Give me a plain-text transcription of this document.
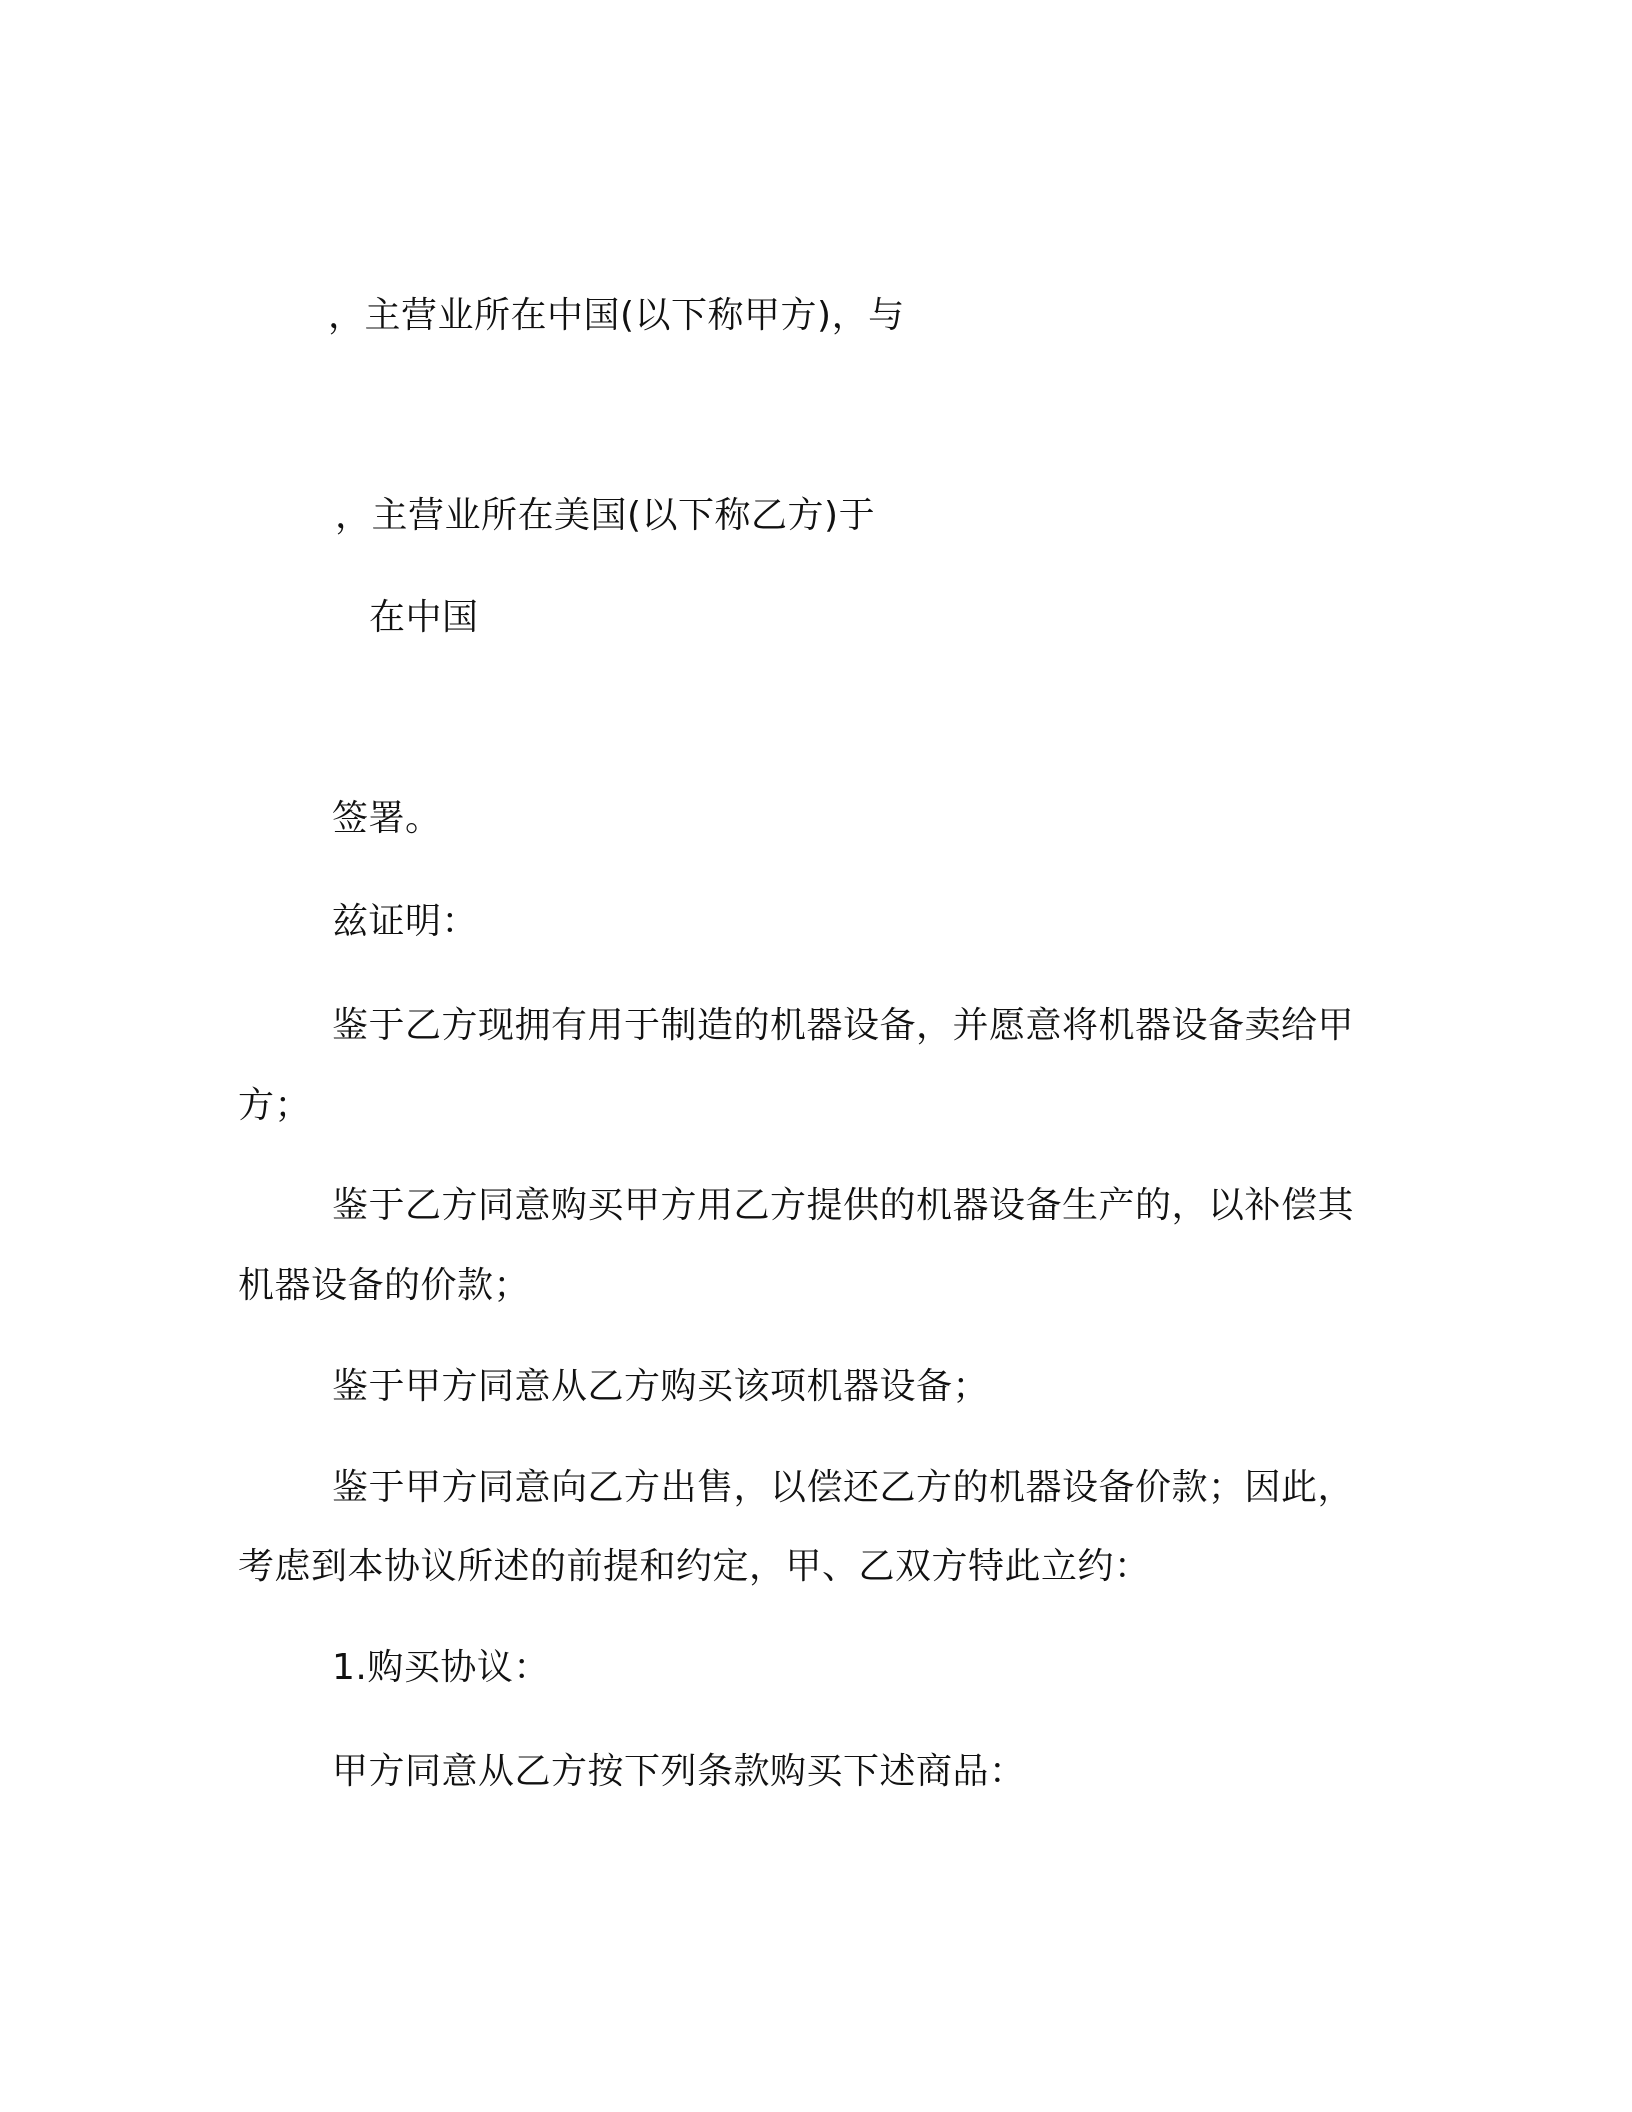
，主营业所在中国(以下称甲方)，与
，主营业所在美国(以下称乙方)于
在中国
签署。
兹证明：
鉴于乙方现拥有用于制造的机器设备，并愿意将机器设备卖给甲
方；
鉴于乙方同意购买甲方用乙方提供的机器设备生产的，以补偿其
机器设备的价款；
鉴于甲方同意从乙方购买该项机器设备；
鉴于甲方同意向乙方出售，以偿还乙方的机器设备价款；因此，
考虑到本协议所述的前提和约定，甲、乙双方特此立约：
1.购买协议：
甲方同意从乙方按下列条款购买下述商品：
